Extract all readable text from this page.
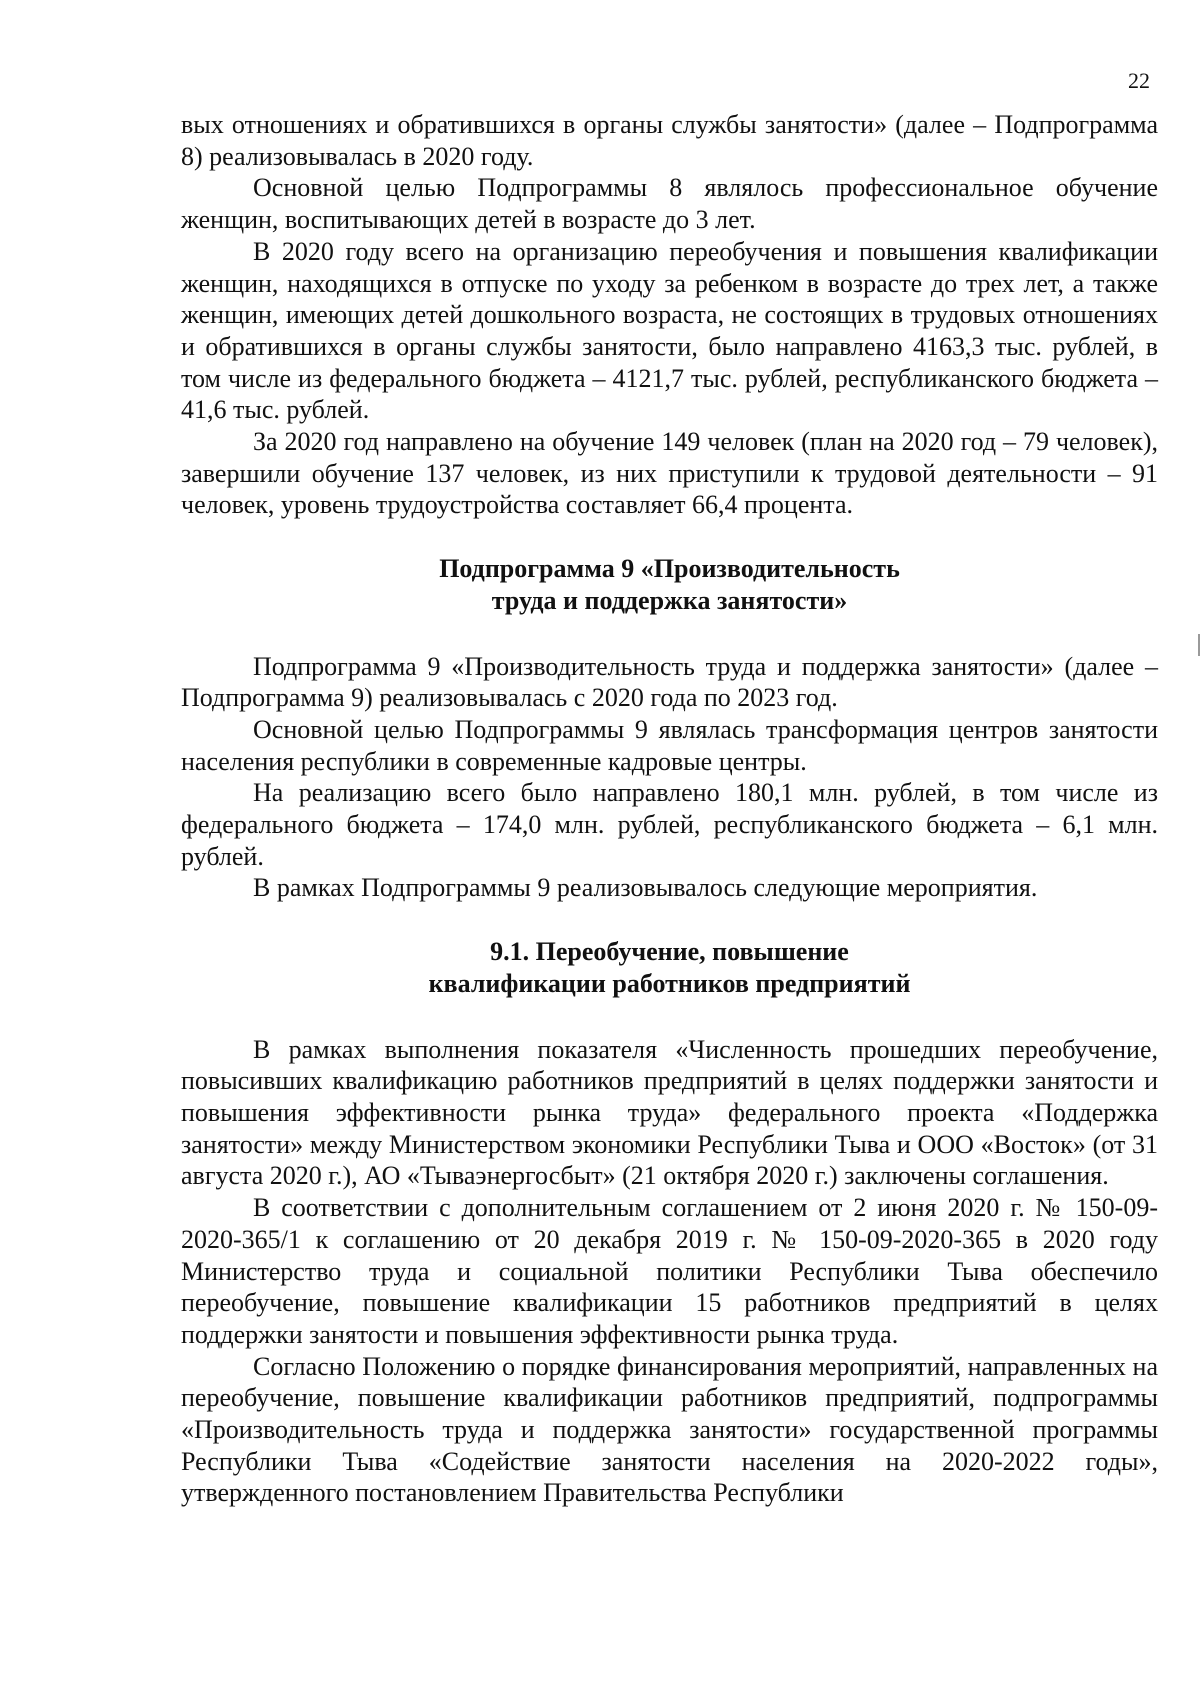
22

вых отношениях и обратившихся в органы службы занятости» (далее – Подпрограмма 8) реализовывалась в 2020 году.

Основной целью Подпрограммы 8 являлось профессиональное обучение женщин, воспитывающих детей в возрасте до 3 лет.

В 2020 году всего на организацию переобучения и повышения квалификации женщин, находящихся в отпуске по уходу за ребенком в возрасте до трех лет, а также женщин, имеющих детей дошкольного возраста, не состоящих в трудовых отношениях и обратившихся в органы службы занятости, было направлено 4163,3 тыс. рублей, в том числе из федерального бюджета – 4121,7 тыс. рублей, республиканского бюджета – 41,6 тыс. рублей.

За 2020 год направлено на обучение 149 человек (план на 2020 год – 79 человек), завершили обучение 137 человек, из них приступили к трудовой деятельности – 91 человек, уровень трудоустройства составляет 66,4 процента.

Подпрограмма 9 «Производительность
труда и поддержка занятости»

Подпрограмма 9 «Производительность труда и поддержка занятости» (далее – Подпрограмма 9) реализовывалась с 2020 года по 2023 год.

Основной целью Подпрограммы 9 являлась трансформация центров занятости населения республики в современные кадровые центры.

На реализацию всего было направлено 180,1 млн. рублей, в том числе из федерального бюджета – 174,0 млн. рублей, республиканского бюджета – 6,1 млн. рублей.

В рамках Подпрограммы 9 реализовывалось следующие мероприятия.

9.1. Переобучение, повышение
квалификации работников предприятий

В рамках выполнения показателя «Численность прошедших переобучение, повысивших квалификацию работников предприятий в целях поддержки занятости и повышения эффективности рынка труда» федерального проекта «Поддержка занятости» между Министерством экономики Республики Тыва и ООО «Восток» (от 31 августа 2020 г.), АО «Тываэнергосбыт» (21 октября 2020 г.) заключены соглашения.

В соответствии с дополнительным соглашением от 2 июня 2020 г. № 150-09-2020-365/1 к соглашению от 20 декабря 2019 г. № 150-09-2020-365 в 2020 году Министерство труда и социальной политики Республики Тыва обеспечило переобучение, повышение квалификации 15 работников предприятий в целях поддержки занятости и повышения эффективности рынка труда.

Согласно Положению о порядке финансирования мероприятий, направленных на переобучение, повышение квалификации работников предприятий, подпрограммы «Производительность труда и поддержка занятости» государственной программы Республики Тыва «Содействие занятости населения на 2020-2022 годы», утвержденного постановлением Правительства Республики
